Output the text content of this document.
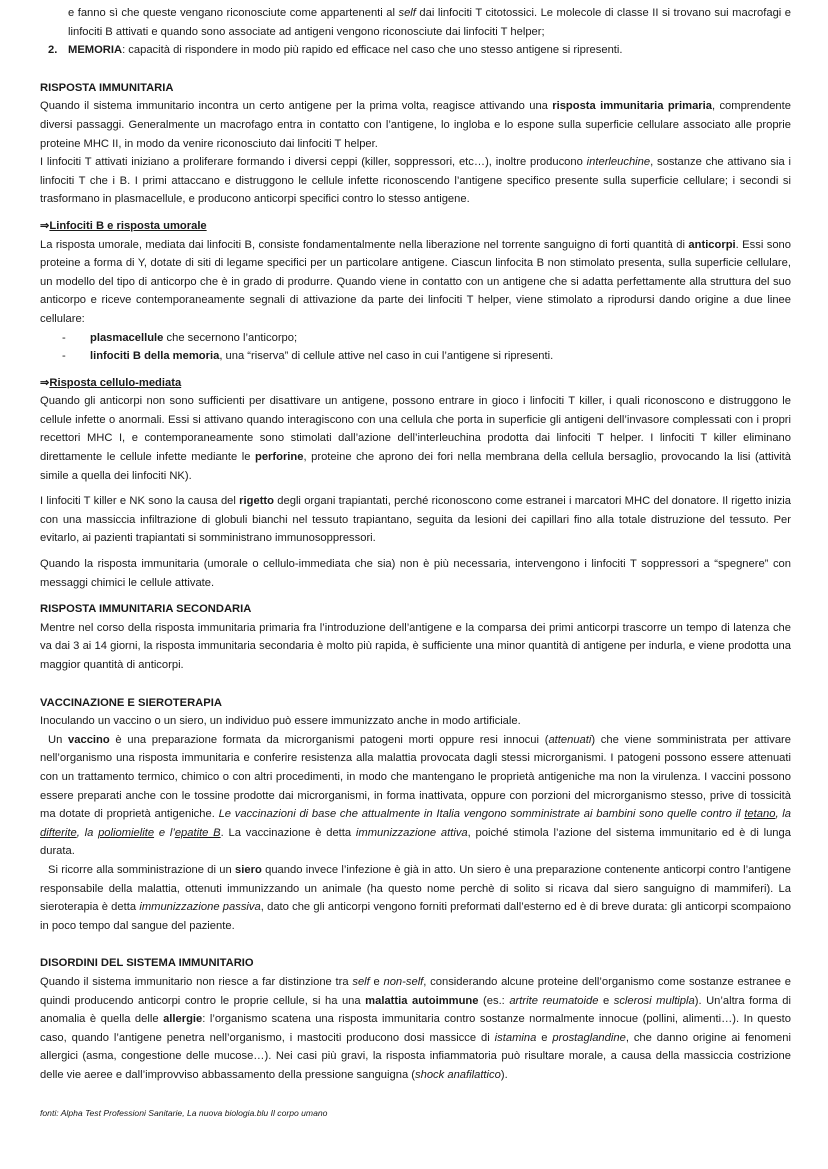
e fanno sì che queste vengano riconosciute come appartenenti al self dai linfociti T citotossici. Le molecole di classe II si trovano sui macrofagi e linfociti B attivati e quando sono associate ad antigeni vengono riconosciute dai linfociti T helper;
2. MEMORIA: capacità di rispondere in modo più rapido ed efficace nel caso che uno stesso antigene si ripresenti.
RISPOSTA IMMUNITARIA
Quando il sistema immunitario incontra un certo antigene per la prima volta, reagisce attivando una risposta immunitaria primaria, comprendente diversi passaggi. Generalmente un macrofago entra in contatto con l’antigene, lo ingloba e lo espone sulla superficie cellulare associato alle proprie proteine MHC II, in modo da venire riconosciuto dai linfociti T helper.
I linfociti T attivati iniziano a proliferare formando i diversi ceppi (killer, soppressori, etc…), inoltre producono interleuchine, sostanze che attivano sia i linfociti T che i B. I primi attaccano e distruggono le cellule infette riconoscendo l’antigene specifico presente sulla superficie cellulare; i secondi si trasformano in plasmacellule, e producono anticorpi specifici contro lo stesso antigene.
⇒Linfociti B e risposta umorale
La risposta umorale, mediata dai linfociti B, consiste fondamentalmente nella liberazione nel torrente sanguigno di forti quantità di anticorpi. Essi sono proteine a forma di Y, dotate di siti di legame specifici per un particolare antigene. Ciascun linfocita B non stimolato presenta, sulla superficie cellulare, un modello del tipo di anticorpo che è in grado di produrre. Quando viene in contatto con un antigene che si adatta perfettamente alla struttura del suo anticorpo e riceve contemporaneamente segnali di attivazione da parte dei linfociti T helper, viene stimolato a riprodursi dando origine a due linee cellulare:
- plasmacellule che secernono l’anticorpo;
- linfociti B della memoria, una “riserva” di cellule attive nel caso in cui l’antigene si ripresenti.
⇒Risposta cellulo-mediata
Quando gli anticorpi non sono sufficienti per disattivare un antigene, possono entrare in gioco i linfociti T killer, i quali riconoscono e distruggono le cellule infette o anormali. Essi si attivano quando interagiscono con una cellula che porta in superficie gli antigeni dell’invasore complessati con i propri recettori MHC I, e contemporaneamente sono stimolati dall’azione dell’interleuchina prodotta dai linfociti T helper. I linfociti T killer eliminano direttamente le cellule infette mediante le perforine, proteine che aprono dei fori nella membrana della cellula bersaglio, provocando la lisi (attività simile a quella dei linfociti NK).
I linfociti T killer e NK sono la causa del rigetto degli organi trapiantati, perché riconoscono come estranei i marcatori MHC del donatore. Il rigetto inizia con una massiccia infiltrazione di globuli bianchi nel tessuto trapiantano, seguita da lesioni dei capillari fino alla totale distruzione del tessuto. Per evitarlo, ai pazienti trapiantati si somministrano immunosoppressori.
Quando la risposta immunitaria (umorale o cellulo-immediata che sia) non è più necessaria, intervengono i linfociti T soppressori a “spegnere” con messaggi chimici le cellule attivate.
RISPOSTA IMMUNITARIA SECONDARIA
Mentre nel corso della risposta immunitaria primaria fra l’introduzione dell’antigene e la comparsa dei primi anticorpi trascorre un tempo di latenza che va dai 3 ai 14 giorni, la risposta immunitaria secondaria è molto più rapida, è sufficiente una minor quantità di antigene per indurla, e viene prodotta una maggior quantità di anticorpi.
VACCINAZIONE E SIEROTERAPIA
Inoculando un vaccino o un siero, un individuo può essere immunizzato anche in modo artificiale.
Un vaccino è una preparazione formata da microrganismi patogeni morti oppure resi innocui (attenuati) che viene somministrata per attivare nell’organismo una risposta immunitaria e conferire resistenza alla malattia provocata dagli stessi microrganismi. I patogeni possono essere attenuati con un trattamento termico, chimico o con altri procedimenti, in modo che mantengano le proprietà antigeniche ma non la virulenza. I vaccini possono essere preparati anche con le tossine prodotte dai microrganismi, in forma inattivata, oppure con porzioni del microrganismo stesso, prive di tossicità ma dotate di proprietà antigeniche. Le vaccinazioni di base che attualmente in Italia vengono somministrate ai bambini sono quelle contro il tetano, la difterite, la poliomielite e l’epatite B. La vaccinazione è detta immunizzazione attiva, poiché stimola l’azione del sistema immunitario ed è di lunga durata.
Si ricorre alla somministrazione di un siero quando invece l’infezione è già in atto. Un siero è una preparazione contenente anticorpi contro l’antigene responsabile della malattia, ottenuti immunizzando un animale (ha questo nome perchè di solito si ricava dal siero sanguigno di mammiferi). La sieroterapia è detta immunizzazione passiva, dato che gli anticorpi vengono forniti preformati dall’esterno ed è di breve durata: gli anticorpi scompaiono in poco tempo dal sangue del paziente.
DISORDINI DEL SISTEMA IMMUNITARIO
Quando il sistema immunitario non riesce a far distinzione tra self e non-self, considerando alcune proteine dell’organismo come sostanze estranee e quindi producendo anticorpi contro le proprie cellule, si ha una malattia autoimmune (es.: artrite reumatoide e sclerosi multipla). Un’altra forma di anomalia è quella delle allergie: l’organismo scatena una risposta immunitaria contro sostanze normalmente innocue (pollini, alimenti…). In questo caso, quando l’antigene penetra nell’organismo, i mastociti producono dosi massicce di istamina e prostaglandine, che danno origine ai fenomeni allergici (asma, congestione delle mucose…). Nei casi più gravi, la risposta infiammatoria può risultare morale, a causa della massiccia costrizione delle vie aeree e dall’improvviso abbassamento della pressione sanguigna (shock anafilattico).
fonti: Alpha Test Professioni Sanitarie, La nuova biologia.blu Il corpo umano
